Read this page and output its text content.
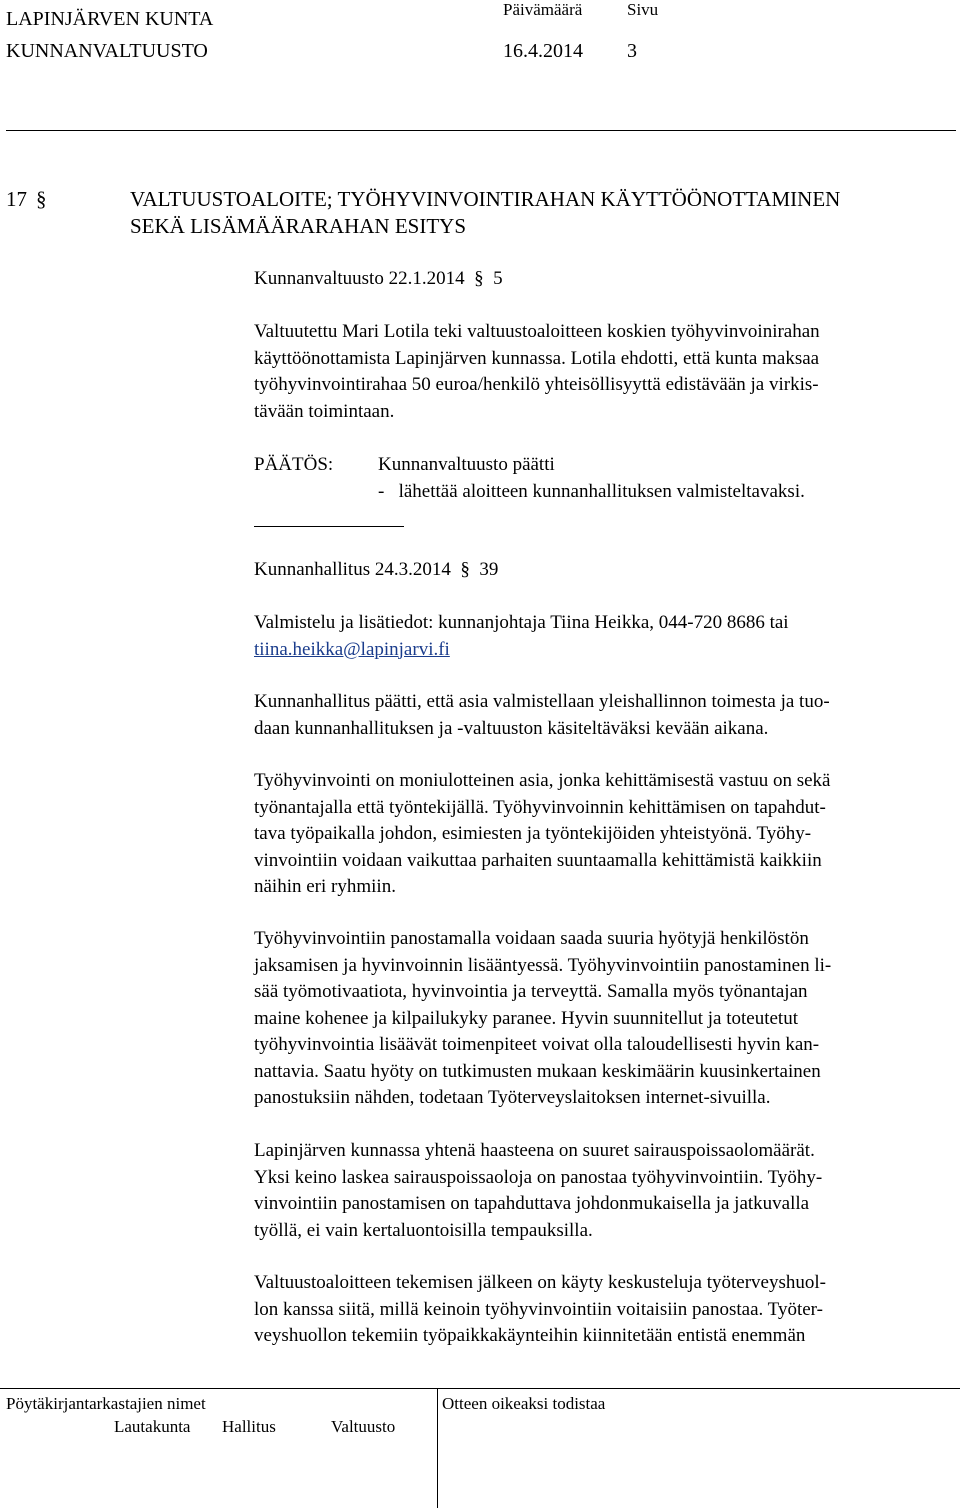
LAPINJÄRVEN KUNTA
KUNNANVALTUUSTO
Päivämäärä	Sivu
16.4.2014 3
17 §	VALTUUSTOALOITE; TYÖHYVINVOINTIRAHAN KÄYTTÖÖNOTTAMINEN
SEKÄ LISÄMÄÄRARAHAN ESITYS
Kunnanvaltuusto 22.1.2014 § 5
Valtuutettu Mari Lotila teki valtuustoaloitteen koskien työhyvinvoinirahan
käyttöönottamista Lapinjärven kunnassa. Lotila ehdotti, että kunta maksaa
työhyvinvointirahaa 50 euroa/henkilö yhteisöllisyyttä edistävään ja virkis-
tävään toimintaan.
PÄÄTÖS: Kunnanvaltuusto päätti
-   lähettää aloitteen kunnanhallituksen valmisteltavaksi.
Kunnanhallitus 24.3.2014 § 39
Valmistelu ja lisätiedot: kunnanjohtaja Tiina Heikka, 044-720 8686 tai
tiina.heikka@lapinjarvi.fi
Kunnanhallitus päätti, että asia valmistellaan yleishallinnon toimesta ja tuo-
daan kunnanhallituksen ja -valtuuston käsiteltäväksi kevään aikana.
Työhyvinvointi on moniulotteinen asia, jonka kehittämisestä vastuu on sekä
työnantajalla että työntekijällä. Työhyvinvoinnin kehittämisen on tapahdut-
tava työpaikalla johdon, esimiesten ja työntekijöiden yhteistyönä. Työhy-
vinvointiin voidaan vaikuttaa parhaiten suuntaamalla kehittämistä kaikkiin
näihin eri ryhmiin.
Työhyvinvointiin panostamalla voidaan saada suuria hyötyjä henkilöstön
jaksamisen ja hyvinvoinnin lisääntyessä. Työhyvinvointiin panostaminen li-
sää työmotivaatiota, hyvinvointia ja terveyttä. Samalla myös työnantajan
maine kohenee ja kilpailukyky paranee. Hyvin suunnitellut ja toteutetut
työhyvinvointia lisäävät toimenpiteet voivat olla taloudellisesti hyvin kan-
nattavia. Saatu hyöty on tutkimusten mukaan keskimäärin kuusinkertainen
panostuksiin nähden, todetaan Työterveyslaitoksen internet-sivuilla.
Lapinjärven kunnassa yhtenä haasteena on suuret sairauspoissaolomäärät.
Yksi keino laskea sairauspoissaoloja on panostaa työhyvinvointiin. Työhy-
vinvointiin panostamisen on tapahduttava johdonmukaisella ja jatkuvalla
työllä, ei vain kertaluontoisilla tempauksilla.
Valtuustoaloitteen tekemisen jälkeen on käyty keskusteluja työterveyshuol-
lon kanssa siitä, millä keinoin työhyvinvointiin voitaisiin panostaa. Työter-
veyshuollon tekemiin työpaikkakäynteihin kiinnitetään entistä enemmän
Pöytäkirjantarkastajien nimet	Otteen oikeaksi todistaa
Lautakunta Hallitus	Valtuusto
